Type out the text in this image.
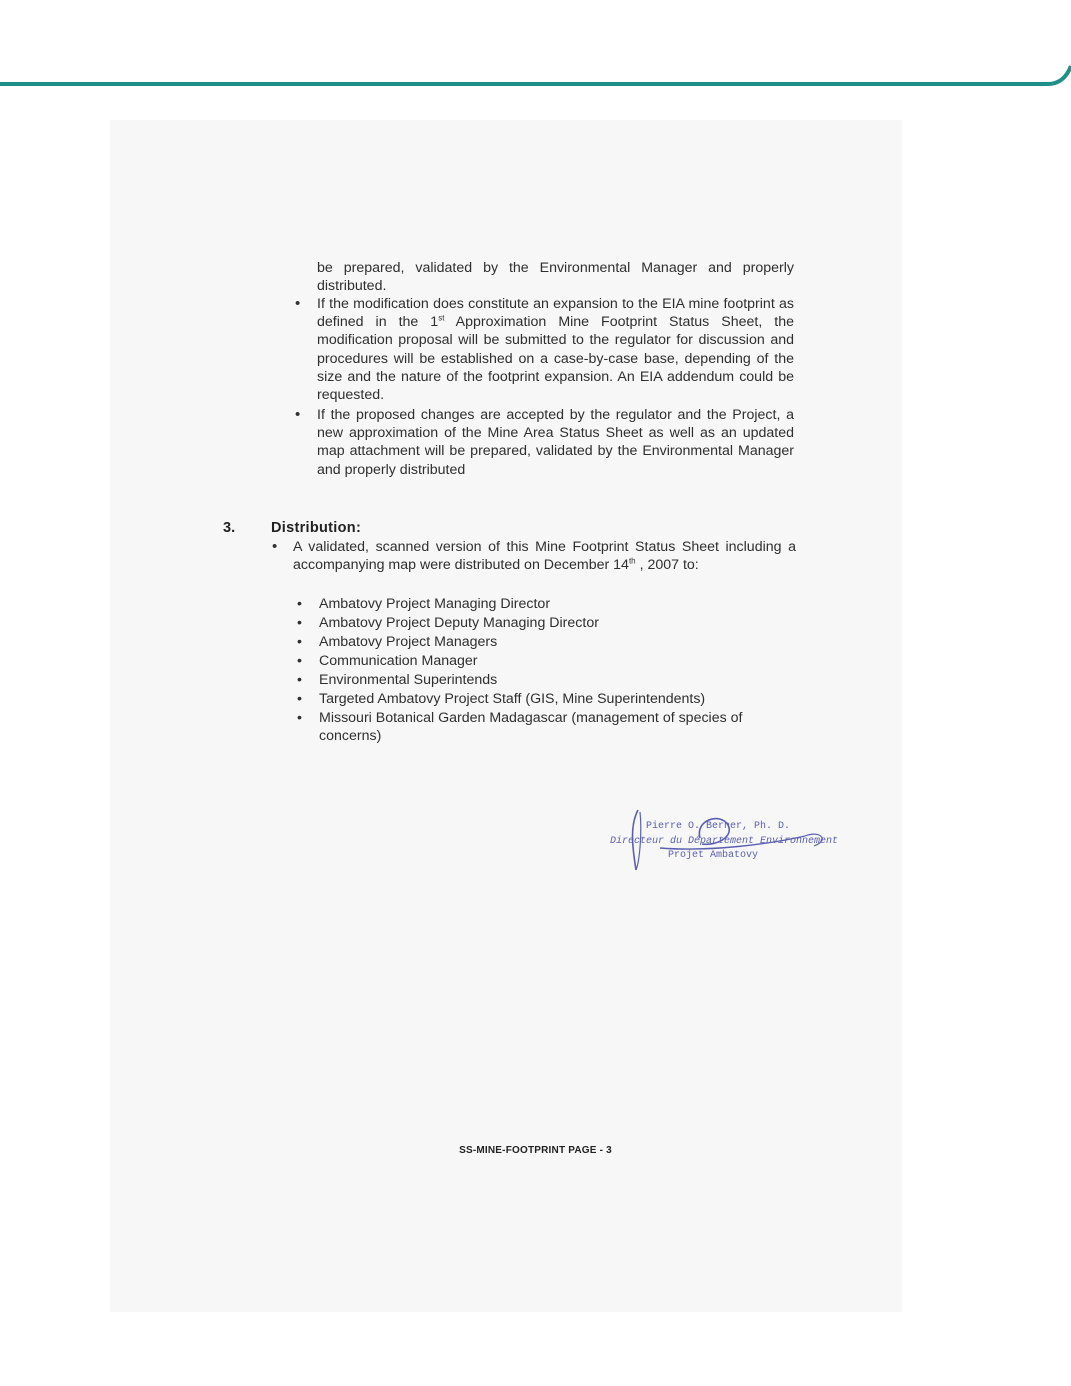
be prepared, validated by the Environmental Manager and properly distributed.

• If the modification does constitute an expansion to the EIA mine footprint as defined in the 1st Approximation Mine Footprint Status Sheet, the modification proposal will be submitted to the regulator for discussion and procedures will be established on a case-by-case base, depending of the size and the nature of the footprint expansion. An EIA addendum could be requested.

• If the proposed changes are accepted by the regulator and the Project, a new approximation of the Mine Area Status Sheet as well as an updated map attachment will be prepared, validated by the Environmental Manager and properly distributed

3. Distribution:
• A validated, scanned version of this Mine Footprint Status Sheet including a accompanying map were distributed on December 14th , 2007 to:

• Ambatovy Project Managing Director
• Ambatovy Project Deputy Managing Director
• Ambatovy Project Managers
• Communication Manager
• Environmental Superintends
• Targeted Ambatovy Project Staff (GIS, Mine Superintendents)
• Missouri Botanical Garden Madagascar (management of species of concerns)
Pierre O. Berner, Ph. D.
Directeur du Département Environnement
Projet Ambatovy
SS-MINE-FOOTPRINT PAGE - 3
